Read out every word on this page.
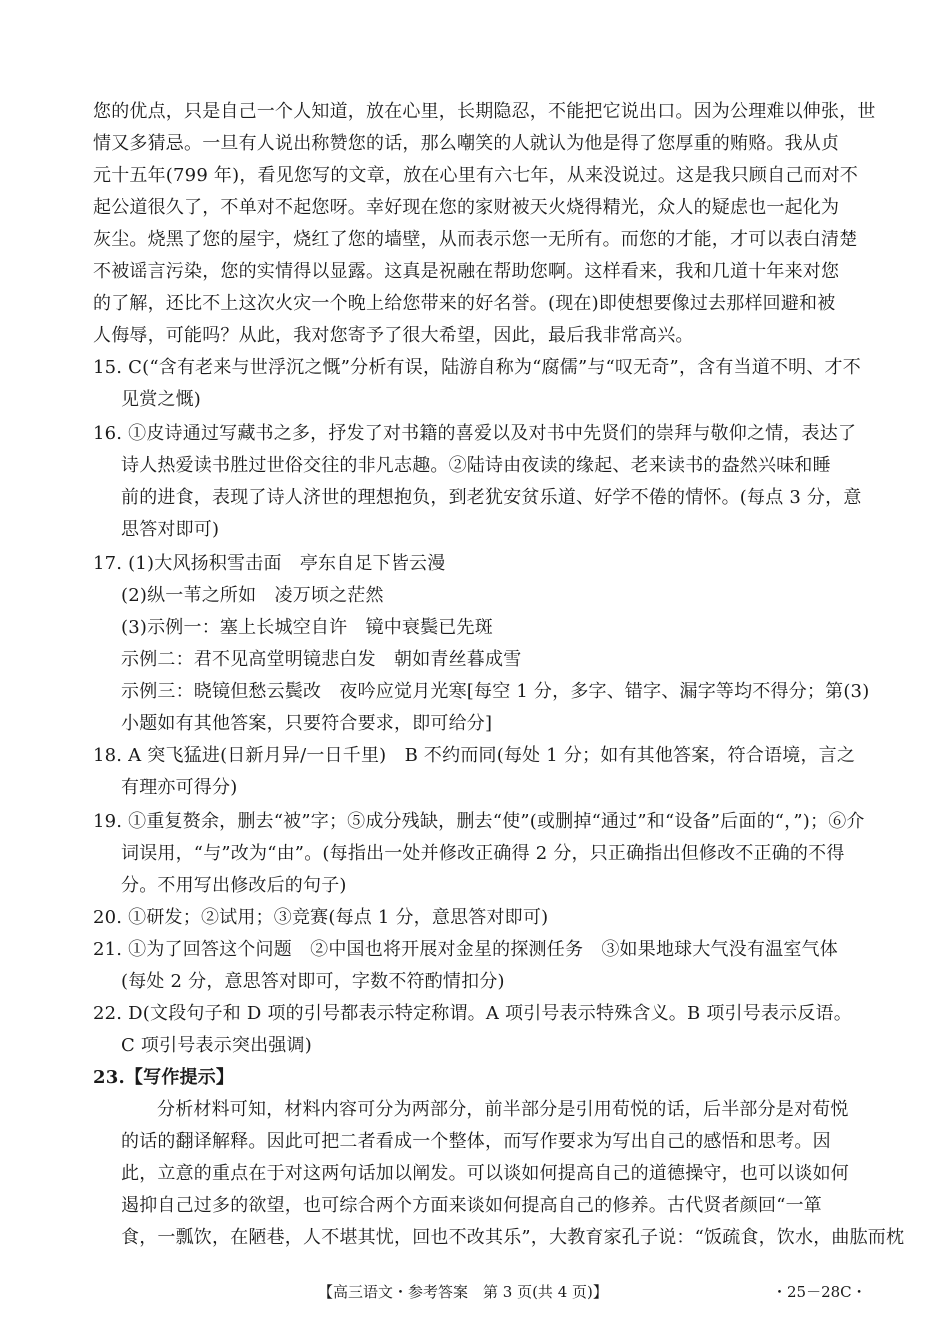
您的优点，只是自己一个人知道，放在心里，长期隐忍，不能把它说出口。因为公理难以伸张，世
情又多猜忌。一旦有人说出称赞您的话，那么嘲笑的人就认为他是得了您厚重的贿赂。我从贞
元十五年(799 年)，看见您写的文章，放在心里有六七年，从来没说过。这是我只顾自己而对不
起公道很久了，不单对不起您呀。幸好现在您的家财被天火烧得精光，众人的疑虑也一起化为
灰尘。烧黑了您的屋宇，烧红了您的墙壁，从而表示您一无所有。而您的才能，才可以表白清楚
不被谣言污染，您的实情得以显露。这真是祝融在帮助您啊。这样看来，我和几道十年来对您
的了解，还比不上这次火灾一个晚上给您带来的好名誉。(现在)即使想要像过去那样回避和被
人侮辱，可能吗？从此，我对您寄予了很大希望，因此，最后我非常高兴。
15. C(“含有老来与世浮沉之慨”分析有误，陆游自称为“腐儒”与“叹无奇”，含有当道不明、才不
见赏之慨)
16. ①皮诗通过写藏书之多，抒发了对书籍的喜爱以及对书中先贤们的崇拜与敬仰之情，表达了
诗人热爱读书胜过世俗交往的非凡志趣。②陆诗由夜读的缘起、老来读书的盎然兴味和睡
前的进食，表现了诗人济世的理想抱负，到老犹安贫乐道、好学不倦的情怀。(每点 3 分，意
思答对即可)
17. (1)大风扬积雪击面　亭东自足下皆云漫
(2)纵一苇之所如　凌万顷之茫然
(3)示例一：塞上长城空自许　镜中衰鬓已先斑
示例二：君不见高堂明镜悲白发　朝如青丝暮成雪
示例三：晓镜但愁云鬓改　夜吟应觉月光寒[每空 1 分，多字、错字、漏字等均不得分；第(3)
小题如有其他答案，只要符合要求，即可给分]
18. A 突飞猛进(日新月异/一日千里)　B 不约而同(每处 1 分；如有其他答案，符合语境，言之
有理亦可得分)
19. ①重复赘余，删去“被”字；⑤成分残缺，删去“使”(或删掉“通过”和“设备”后面的“，”)；⑥介
词误用，“与”改为“由”。(每指出一处并修改正确得 2 分，只正确指出但修改不正确的不得
分。不用写出修改后的句子)
20. ①研发；②试用；③竞赛(每点 1 分，意思答对即可)
21. ①为了回答这个问题　②中国也将开展对金星的探测任务　③如果地球大气没有温室气体
(每处 2 分，意思答对即可，字数不符酌情扣分)
22. D(文段句子和 D 项的引号都表示特定称谓。A 项引号表示特殊含义。B 项引号表示反语。
C 项引号表示突出强调)
23.【写作提示】
分析材料可知，材料内容可分为两部分，前半部分是引用荀悦的话，后半部分是对荀悦
的话的翻译解释。因此可把二者看成一个整体，而写作要求为写出自己的感悟和思考。因
此，立意的重点在于对这两句话加以阐发。可以谈如何提高自己的道德操守，也可以谈如何
遏抑自己过多的欲望，也可综合两个方面来谈如何提高自己的修养。古代贤者颜回“一箪
食，一瓢饮，在陋巷，人不堪其忧，回也不改其乐”，大教育家孔子说：“饭疏食，饮水，曲肱而枕
【高三语文・参考答案　第 3 页(共 4 页)】	・25－28C・
